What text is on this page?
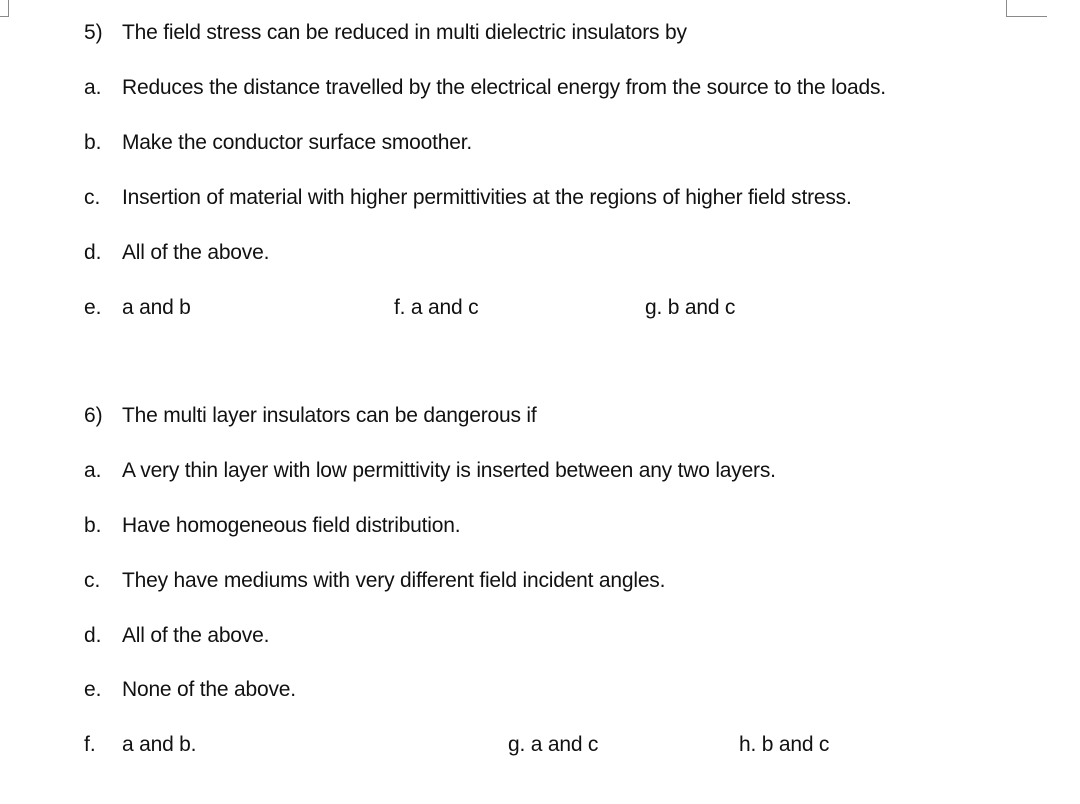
5) The field stress can be reduced in multi dielectric insulators by
a. Reduces the distance travelled by the electrical energy from the source to the loads.
b. Make the conductor surface smoother.
c. Insertion of material with higher permittivities at the regions of higher field stress.
d. All of the above.
e. a and b	f. a and c	g. b and c
6) The multi layer insulators can be dangerous if
a. A very thin layer with low permittivity is inserted between any two layers.
b. Have homogeneous field distribution.
c. They have mediums with very different field incident angles.
d. All of the above.
e. None of the above.
f. a and b.	g. a and c	h. b and c
